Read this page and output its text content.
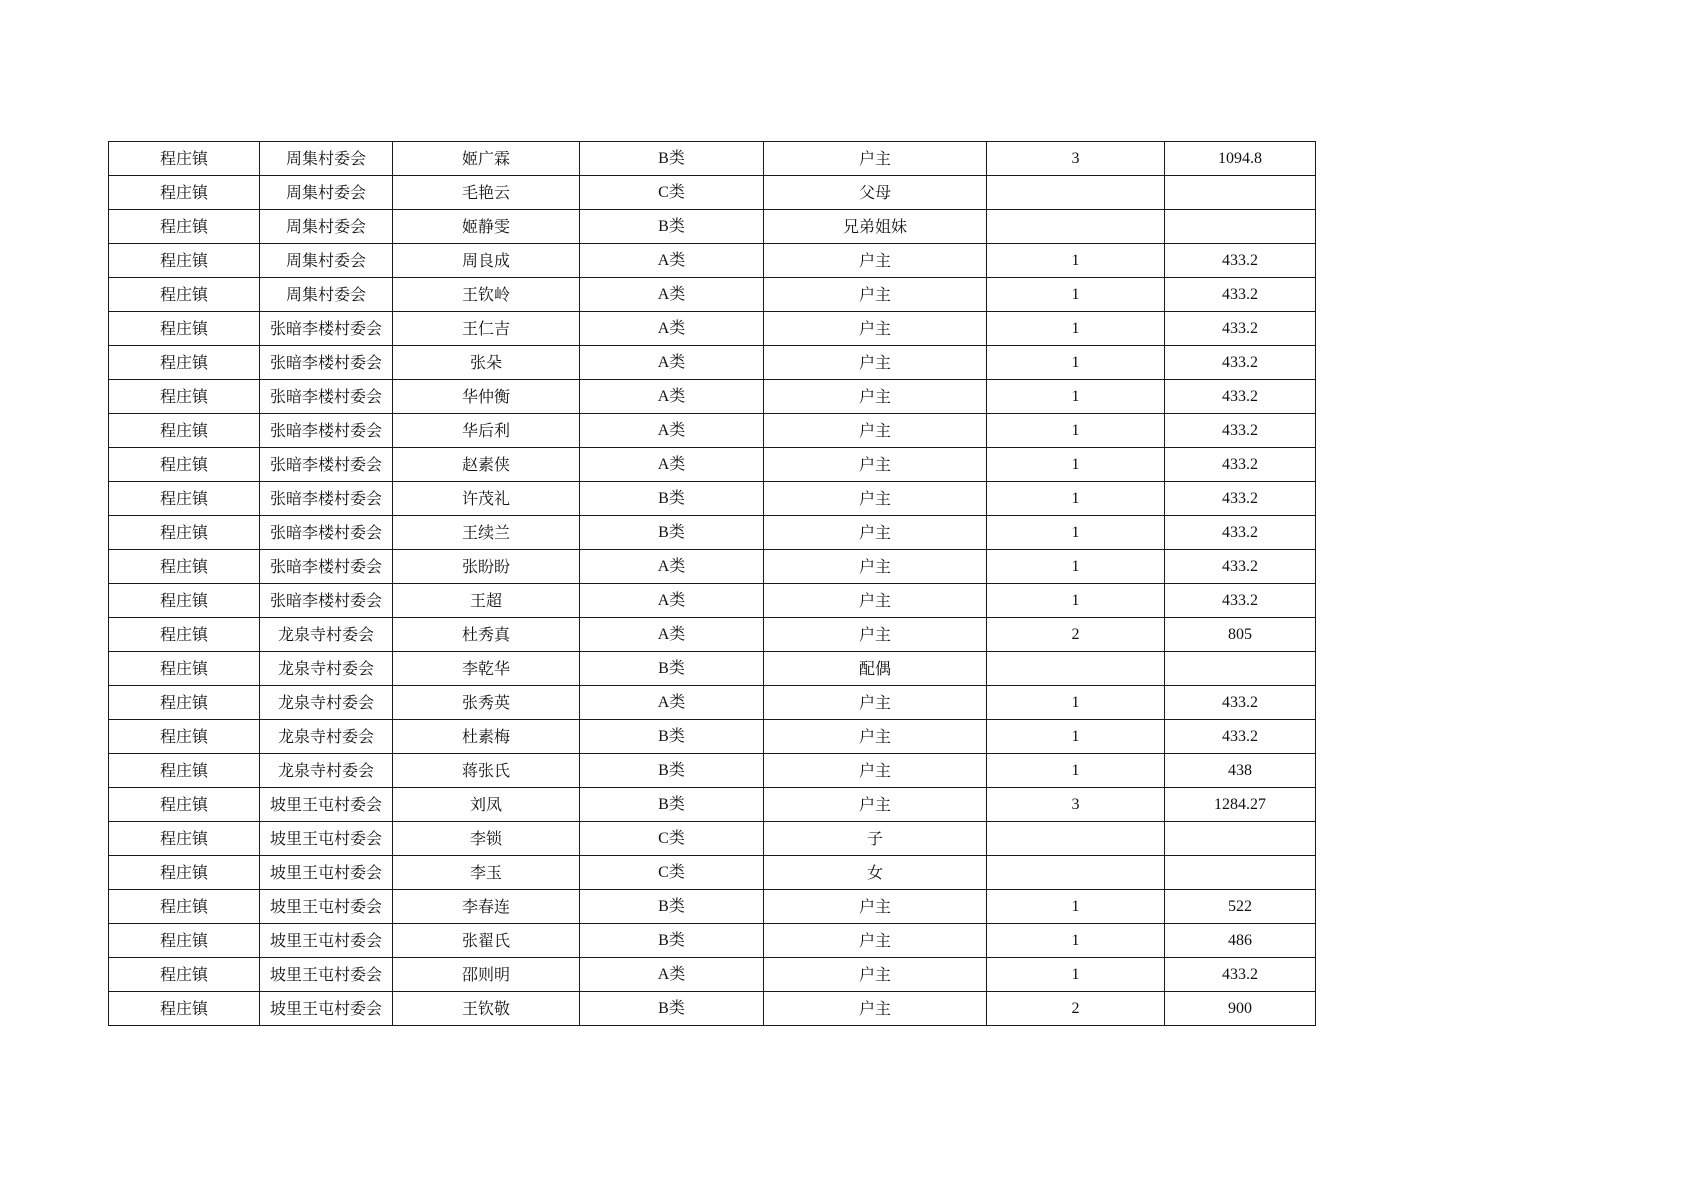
程庄镇	周集村委会	姬广霖	B类	户主	3	1094.8
程庄镇	周集村委会	毛艳云	C类	父母		
程庄镇	周集村委会	姬静雯	B类	兄弟姐妹		
程庄镇	周集村委会	周良成	A类	户主	1	433.2
程庄镇	周集村委会	王钦岭	A类	户主	1	433.2
程庄镇	张暗李楼村委会	王仁吉	A类	户主	1	433.2
程庄镇	张暗李楼村委会	张朵	A类	户主	1	433.2
程庄镇	张暗李楼村委会	华仲衡	A类	户主	1	433.2
程庄镇	张暗李楼村委会	华后利	A类	户主	1	433.2
程庄镇	张暗李楼村委会	赵素侠	A类	户主	1	433.2
程庄镇	张暗李楼村委会	许茂礼	B类	户主	1	433.2
程庄镇	张暗李楼村委会	王续兰	B类	户主	1	433.2
程庄镇	张暗李楼村委会	张盼盼	A类	户主	1	433.2
程庄镇	张暗李楼村委会	王超	A类	户主	1	433.2
程庄镇	龙泉寺村委会	杜秀真	A类	户主	2	805
程庄镇	龙泉寺村委会	李乾华	B类	配偶		
程庄镇	龙泉寺村委会	张秀英	A类	户主	1	433.2
程庄镇	龙泉寺村委会	杜素梅	B类	户主	1	433.2
程庄镇	龙泉寺村委会	蒋张氏	B类	户主	1	438
程庄镇	坡里王屯村委会	刘凤	B类	户主	3	1284.27
程庄镇	坡里王屯村委会	李锁	C类	子		
程庄镇	坡里王屯村委会	李玉	C类	女		
程庄镇	坡里王屯村委会	李春连	B类	户主	1	522
程庄镇	坡里王屯村委会	张翟氏	B类	户主	1	486
程庄镇	坡里王屯村委会	邵则明	A类	户主	1	433.2
程庄镇	坡里王屯村委会	王钦敬	B类	户主	2	900
